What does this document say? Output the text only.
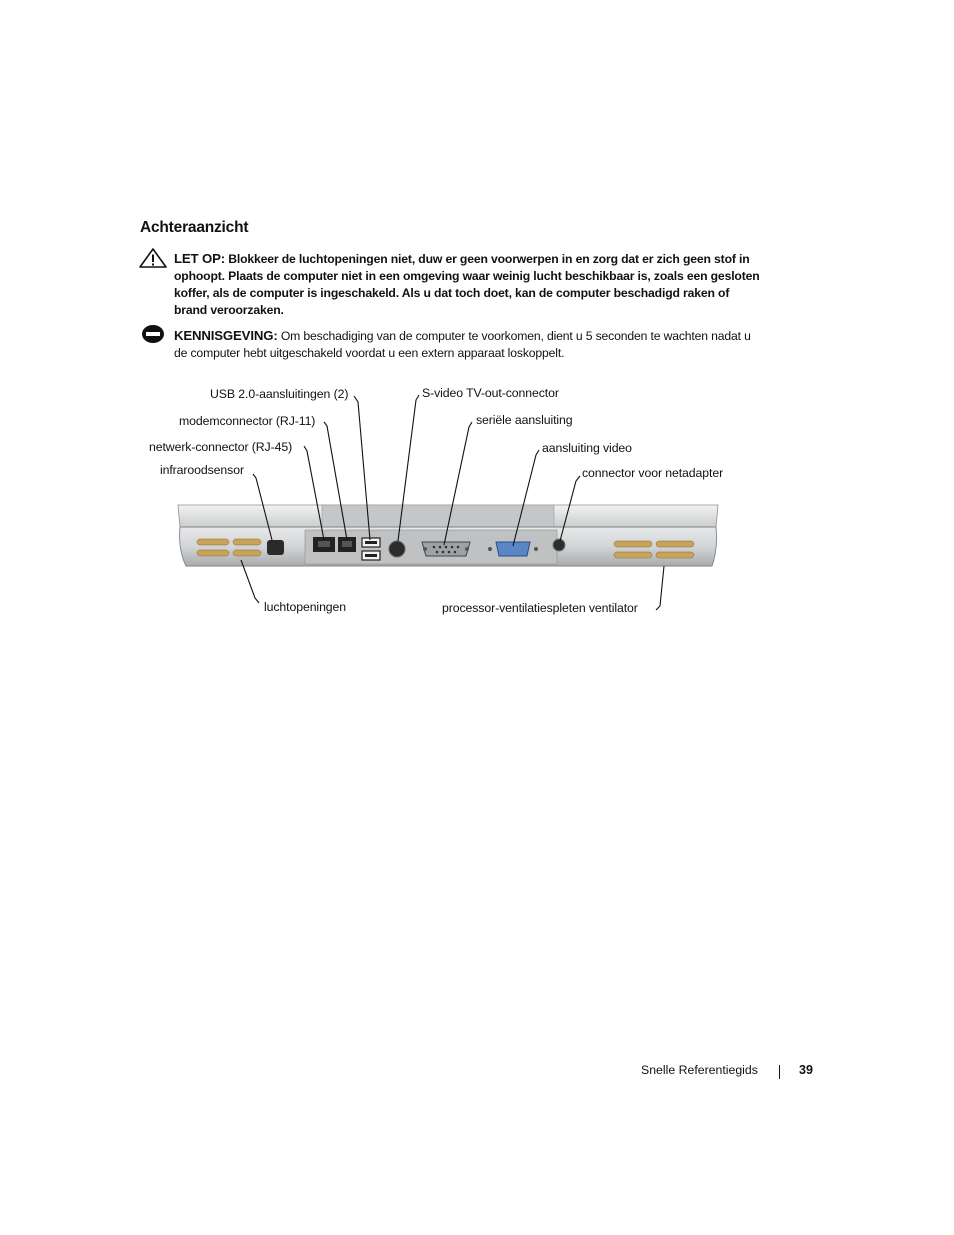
Achteraanzicht
LET OP: Blokkeer de luchtopeningen niet, duw er geen voorwerpen in en zorg dat er zich geen stof in ophoopt. Plaats de computer niet in een omgeving waar weinig lucht beschikbaar is, zoals een gesloten koffer, als de computer is ingeschakeld. Als u dat toch doet, kan de computer beschadigd raken of brand veroorzaken.
KENNISGEVING: Om beschadiging van de computer te voorkomen, dient u 5 seconden te wachten nadat u de computer hebt uitgeschakeld voordat u een extern apparaat loskoppelt.
USB 2.0-aansluitingen (2)
modemconnector (RJ-11)
netwerk-connector (RJ-45)
infraroodsensor
S-video TV-out-connector
seriële aansluiting
aansluiting video
connector voor netadapter
luchtopeningen	processor-ventilatiespleten ventilator
Snelle Referentiegids	39
